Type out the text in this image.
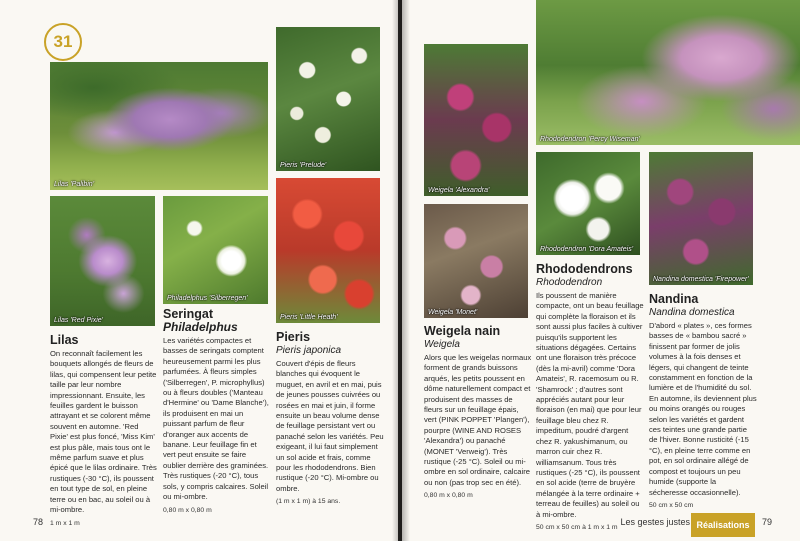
31
Lilas 'Palibin'
Pieris 'Prelude'
Lilas 'Red Pixie'
Philadelphus 'Silberregen'
Pieris 'Little Heath'
Lilas

On reconnaît facilement les bouquets allongés de fleurs de lilas, qui compensent leur petite taille par leur nombre impressionnant. Ensuite, les feuilles gardent le buisson attrayant et se colorent même souvent en automne. 'Red Pixie' est plus foncé, 'Miss Kim' est plus pâle, mais tous ont le même parfum suave et plus épicé que le lilas ordinaire. Très rustiques (-30 °C), ils poussent en tout type de sol, en pleine terre ou en bac, au soleil ou à mi-ombre.

1 m x 1 m
Seringat
Philadelphus

Les variétés compactes et basses de seringats comptent heureusement parmi les plus parfumées. À fleurs simples ('Silberregen', P. microphyllus) ou à fleurs doubles ('Manteau d'Hermine' ou 'Dame Blanche'), ils produisent en mai un puissant parfum de fleur d'oranger aux accents de banane. Leur feuillage fin et vert peut ensuite se faire oublier derrière des graminées. Très rustiques (-20 °C), tous sols, y compris calcaires. Soleil ou mi-ombre.

0,80 m x 0,80 m
Pieris
Pieris japonica

Couvert d'épis de fleurs blanches qui évoquent le muguet, en avril et en mai, puis de jeunes pousses cuivrées ou rosées en mai et juin, il forme ensuite un beau volume dense de feuillage persistant vert ou panaché selon les variétés. Peu exigeant, il lui faut simplement un sol acide et frais, comme pour les rhododendrons. Bien rustique (-20 °C). Mi-ombre ou ombre.

(1 m x 1 m) à 15 ans.
78
Rhododendron 'Percy Wiseman'
Weigela 'Alexandra'
Weigela 'Monet'
Rhododendron 'Dora Amateis'
Nandina domestica 'Firepower'
Weigela nain
Weigela

Alors que les weigelas normaux forment de grands buissons arqués, les petits poussent en dôme naturellement compact et produisent des masses de fleurs sur un feuillage épais, vert (PINK POPPET 'Plangen'), pourpre (WINE AND ROSES 'Alexandra') ou panaché (MONET 'Verweig'). Très rustique (-25 °C). Soleil ou mi-ombre en sol ordinaire, calcaire ou non (pas trop sec en été).

0,80 m x 0,80 m
Rhododendrons
Rhododendron

Ils poussent de manière compacte, ont un beau feuillage qui complète la floraison et ils sont aussi plus faciles à cultiver puisqu'ils supportent les situations dégagées. Certains ont une floraison très précoce (dès la mi-avril) comme 'Dora Amateis', R. racemosum ou R. 'Shamrock' ; d'autres sont appréciés autant pour leur floraison (en mai) que pour leur feuillage bleu chez R. impeditum, poudré d'argent chez R. yakushimanum, ou marron cuir chez R. williamsanum. Tous très rustiques (-25 °C), ils poussent en sol acide (terre de bruyère mélangée à la terre ordinaire + terreau de feuilles) au soleil ou à mi-ombre.

50 cm x 50 cm à 1 m x 1 m
Nandina
Nandina domestica

D'abord « plates », ces formes basses de « bambou sacré » finissent par former de jolis volumes à la fois denses et légers, qui changent de teinte constamment en fonction de la lumière et de l'humidité du sol. En automne, ils deviennent plus ou moins orangés ou rouges selon les variétés et gardent ces teintes une grande partie de l'hiver. Bonne rusticité (-15 °C), en pleine terre comme en pot, en sol ordinaire allégé de compost et toujours un peu humide (supporte la sécheresse occasionnelle).

50 cm x 50 cm
Les gestes justes Réalisations	79
